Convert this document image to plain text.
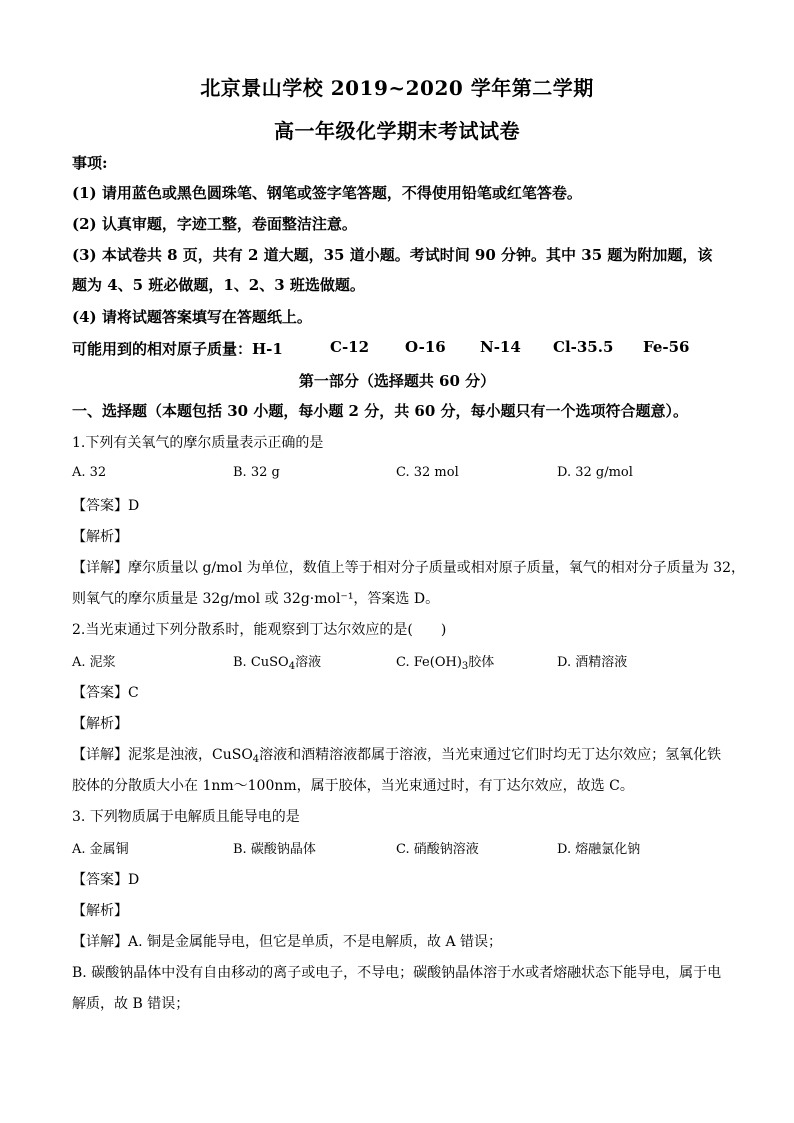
北京景山学校 2019~2020 学年第二学期
高一年级化学期末考试试卷
事项:
(1) 请用蓝色或黑色圆珠笔、钢笔或签字笔答题，不得使用铅笔或红笔答卷。
(2) 认真审题，字迹工整，卷面整洁注意。
(3) 本试卷共 8 页，共有 2 道大题，35 道小题。考试时间 90 分钟。其中 35 题为附加题，该
题为 4、5 班必做题，1、2、3 班选做题。
(4) 请将试题答案填写在答题纸上。
可能用到的相对原子质量：H-1	C-12 O-16 N-14 Cl-35.5 Fe-56
第一部分（选择题共 60 分）
一、选择题（本题包括 30 小题，每小题 2 分，共 60 分，每小题只有一个选项符合题意）。
1.下列有关氧气的摩尔质量表示正确的是
A. 32	B. 32 g	C. 32 mol	D. 32 g/mol
【答案】D
【解析】
【详解】摩尔质量以 g/mol 为单位，数值上等于相对分子质量或相对原子质量，氧气的相对分子质量为 32，
则氧气的摩尔质量是 32g/mol 或 32g·mol⁻¹，答案选 D。
2.当光束通过下列分散系时，能观察到丁达尔效应的是(　　)
A. 泥浆	B. CuSO$_4$溶液	C. $Fe(OH)_3$胶体	D. 酒精溶液
【答案】C
【解析】
【详解】泥浆是浊液，CuSO$_4$溶液和酒精溶液都属于溶液，当光束通过它们时均无丁达尔效应；氢氧化铁
胶体的分散质大小在 1nm～100nm，属于胶体，当光束通过时，有丁达尔效应，故选 C。
3. 下列物质属于电解质且能导电的是
A. 金属铜	B. 碳酸钠晶体	C. 硝酸钠溶液	D. 熔融氯化钠
【答案】D
【解析】
【详解】A. 铜是金属能导电，但它是单质，不是电解质，故 A 错误；
B. 碳酸钠晶体中没有自由移动的离子或电子，不导电；碳酸钠晶体溶于水或者熔融状态下能导电，属于电
解质，故 B 错误；
